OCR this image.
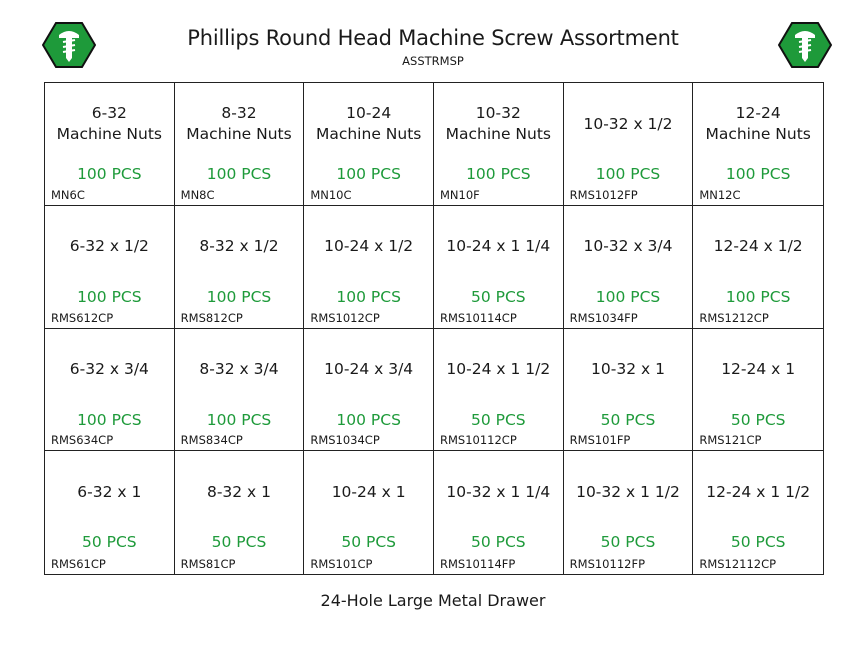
Phillips Round Head Machine Screw Assortment
ASSTRMSP
6-32
Machine Nuts
100 PCS
MN6C
8-32
Machine Nuts
100 PCS
MN8C
10-24
Machine Nuts
100 PCS
MN10C
10-32
Machine Nuts
100 PCS
MN10F
10-32 x 1/2
100 PCS
RMS1012FP
12-24
Machine Nuts
100 PCS
MN12C
6-32 x 1/2
100 PCS
RMS612CP
8-32 x 1/2
100 PCS
RMS812CP
10-24 x 1/2
100 PCS
RMS1012CP
10-24 x 1 1/4
50 PCS
RMS10114CP
10-32 x 3/4
100 PCS
RMS1034FP
12-24 x 1/2
100 PCS
RMS1212CP
6-32 x 3/4
100 PCS
RMS634CP
8-32 x 3/4
100 PCS
RMS834CP
10-24 x 3/4
100 PCS
RMS1034CP
10-24 x 1 1/2
50 PCS
RMS10112CP
10-32 x 1
50 PCS
RMS101FP
12-24 x 1
50 PCS
RMS121CP
6-32 x 1
50 PCS
RMS61CP
8-32 x 1
50 PCS
RMS81CP
10-24 x 1
50 PCS
RMS101CP
10-32 x 1 1/4
50 PCS
RMS10114FP
10-32 x 1 1/2
50 PCS
RMS10112FP
12-24 x 1 1/2
50 PCS
RMS12112CP
24-Hole Large Metal Drawer
